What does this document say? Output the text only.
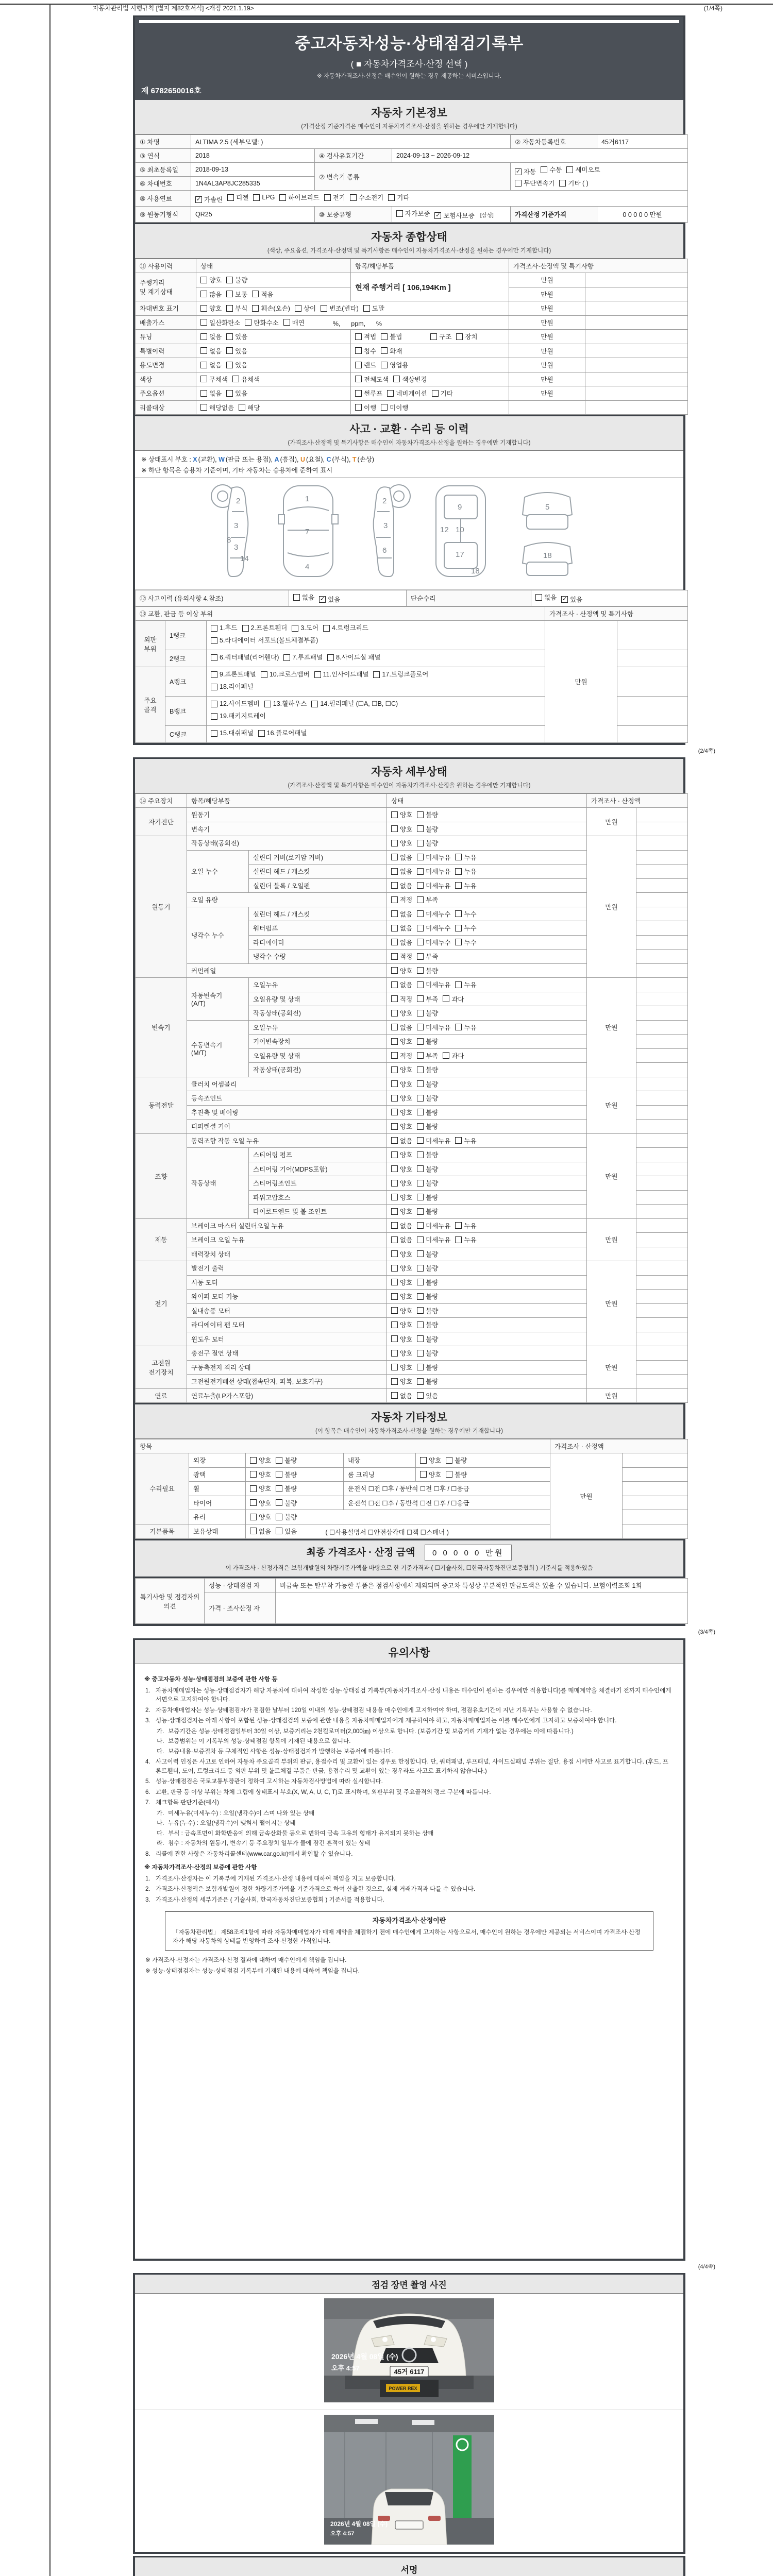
자동차관리법 시행규칙 [별지 제82호서식] <개정 2021.1.19>	(1/4쪽)
중고자동차성능·상태점검기록부
( ■ 자동차가격조사·산정 선택 )
※ 자동차가격조사·산정은 매수인이 원하는 경우 제공하는 서비스입니다.
제 6782650016호
자동차 기본정보
(가격산정 기준가격은 매수인이 자동차가격조사·산정을 원하는 경우에만 기재합니다)
① 차명	ALTIMA 2.5 (세부모델: )			② 자동차등록번호	45거6117
③ 연식	2018	④ 검사유효기간	2024-09-13 ~ 2026-09-12		
⑤ 최초등록일	2018-09-13	⑦ 변속기 종류	
✓ 자동 수동 세미오토
무단변속기 기타 ( )

⑥ 차대번호	1N4AL3AP8JC285335				
⑧ 사용연료	✓ 가솔린 디젤 LPG 하이브리드 전기 수소전기 기타

⑨ 원동기형식	QR25	⑩ 보증유형	자가보증 ✓ 보험사보증 [삼성]	가격산정 기준가격	0 0 0 0 0 만원
자동차 종합상태
(색상, 주요옵션, 가격조사·산정액 및 특기사항은 매수인이 자동차가격조사·산정을 원하는 경우에만 기재합니다)
⑪ 사용이력	상태	항목/해당부품	가격조사·산정액 및 특기사항	
주행거리
및 계기상태	양호 불량	현재 주행거리 [ 106,194Km ]	만원	

	많음 보통 적음		만원	
차대번호 표기	양호 부식 훼손(오손) 상이 변조(변타) 도말	만원	
배출가스	일산화탄소 탄화수소 매연 %,      ppm,      %		만원	
튜닝	없음 있음	적법 불법 구조 장치	만원	
특별이력	없음 있음	침수 화재	만원	
용도변경	없음 있음	렌트 영업용	만원	
색상	무채색 유채색	전체도색 색상변경	만원	
주요옵션	없음 있음	썬루프 네비게이션 기타	만원	
리콜대상	해당없음 해당	이행 미이행		

사고 · 교환 · 수리 등 이력
(가격조사·산정액 및 특기사항은 매수인이 자동차가격조사·산정을 원하는 경우에만 기재합니다)
※ 상태표시 부호 : X (교환), W (판금 또는 용접), A (흠집), U (요철), C (부식), T (손상)
※ 하단 항목은 승용차 기준이며, 기타 자동차는 승용차에 준하여 표시
2
3
3
8
14
1
7
4
2
3
6
9
10
12
17
18
5
18
⑫ 사고이력 (유의사항 4.참조)	없음 ✓ 있음	단순수리	없음 ✓ 있음
⑬ 교환, 판금 등 이상 부위			가격조사 · 산정액 및 특기사항	
외판
부위	1랭크	1.후드 2.프론트휀더 3.도어 4.트렁크리드

5.라디에이터 서포트(볼트체결부품)	만원	
	2랭크	6.쿼터패널(리어휀다) 7.루프패널 8.사이드실 패널		

주요
골격	A랭크	9.프론트패널 10.크로스멤버 11.인사이드패널 17.트렁크플로어

18.리어패널		

	B랭크	12.사이드멤버 13.휠하우스 14.필러패널 (☐A, ☐B, ☐C)

19.패키지트레이		

	C랭크	15.대쉬패널 16.플로어패널		

(2/4쪽)
자동차 세부상태
(가격조사·산정액 및 특기사항은 매수인이 자동차가격조사·산정을 원하는 경우에만 기재합니다)
⑭ 주요장치	항목/해당부품		상태	가격조사 · 산정액	
자기진단	원동기		양호 불량	만원	
	변속기		양호 불량		

원동기	작동상태(공회전)		양호 불량	만원	
	오일 누수	실린더 커버(로커암 커버)	없음 미세누유 누유		

		실린더 헤드 / 개스킷	없음 미세누유 누유		

		실린더 블록 / 오일팬	없음 미세누유 누유		

	오일 유량		적정 부족		

	냉각수 누수	실린더 헤드 / 개스킷	없음 미세누수 누수		

		워터펌프	없음 미세누수 누수		

		라디에이터	없음 미세누수 누수		

		냉각수 수량	적정 부족		

	커먼레일		양호 불량		

변속기	자동변속기
(A/T)	오일누유	없음 미세누유 누유	만원	
		오일유량 및 상태	적정 부족 과다		

		작동상태(공회전)	양호 불량		

	수동변속기
(M/T)	오일누유	없음 미세누유 누유		

		기어변속장치	양호 불량		

		오일유량 및 상태	적정 부족 과다		

		작동상태(공회전)	양호 불량		

동력전달	클러치 어셈블리		양호 불량	만원	
	등속조인트		양호 불량		

	추진축 및 베어링		양호 불량		

	디퍼렌셜 기어		양호 불량		

조향	동력조향 작동 오일 누유		없음 미세누유 누유	만원	
	작동상태	스티어링 펌프	양호 불량		

		스티어링 기어(MDPS포함)	양호 불량		

		스티어링조인트	양호 불량		

		파워고압호스	양호 불량		

		타이로드엔드 및 볼 조인트	양호 불량		

제동	브레이크 마스터 실린더오일 누유		없음 미세누유 누유	만원	
	브레이크 오일 누유		없음 미세누유 누유		

	배력장치 상태		양호 불량		

전기	발전기 출력		양호 불량	만원	
	시동 모터		양호 불량		

	와이퍼 모터 기능		양호 불량		

	실내송풍 모터		양호 불량		

	라디에이터 팬 모터		양호 불량		

	윈도우 모터		양호 불량		

고전원
전기장치	충전구 절연 상태		양호 불량	만원	
	구동축전지 격리 상태		양호 불량		

	고전원전기배선 상태(접속단자, 피복, 보호기구)		양호 불량		

연료	연료누출(LP가스포함)		없음 있음	만원	
자동차 기타정보
(이 항목은 매수인이 자동차가격조사·산정을 원하는 경우에만 기재합니다)
항목					가격조사 · 산정액	
수리필요	외장	양호 불량	내장	양호 불량	만원	
	광택	양호 불량	룸 크리닝	양호 불량		

	휠	양호 불량	운전석 ☐전 ☐후 / 동반석 ☐전 ☐후 / ☐응급			
	타이어	양호 불량	운전석 ☐전 ☐후 / 동반석 ☐전 ☐후 / ☐응급			
	유리	양호 불량				

기본품목	보유상태	없음 있음 ( ☐사용설명서 ☐안전삼각대 ☐잭 ☐스패너 )				
최종 가격조사 · 산정 금액 0 0 0 0 0 만원
이 가격조사 · 산정가격은 보험개발원의 차량기준가액을 바탕으로 한 기준가격과 ( ☐기술사회, ☐한국자동차진단보증협회 ) 기준서를 적용하였음
특기사항 및 점검자의 의견	성능 · 상태점검 자	비금속 또는 탈부착 가능한 부품은 점검사항에서 제외되며 중고차 특성상 부분적인 판금도색은 있을 수 있습니다. 보험이력조회 1회
	가격 · 조사산정 자	
(3/4쪽)
유의사항
※ 중고자동차 성능·상태점검의 보증에 관한 사항 등
1. 자동차매매업자는 성능·상태점검자가 해당 자동차에 대하여 작성한 성능·상태점검 기록부(자동차가격조사·산정 내용은 매수인이 원하는 경우에만 적용합니다)를 매매계약을 체결하기 전까지 매수인에게 서면으로 고지하여야 합니다.
2. 자동차매매업자는 성능·상태점검자가 점검한 날부터 120일 이내의 성능·상태점검 내용을 매수인에게 고지하여야 하며, 점검유효기간이 지난 기록부는 사용할 수 없습니다.
3. 성능·상태점검자는 아래 사항이 포함된 성능·상태점검의 보증에 관한 내용을 자동차매매업자에게 제공하여야 하고, 자동차매매업자는 이를 매수인에게 고지하고 보증하여야 합니다.
가. 보증기간은 성능·상태점검일부터 30일 이상, 보증거리는 2천킬로미터(2,000㎞) 이상으로 합니다. (보증기간 및 보증거리 기재가 없는 경우에는 이에 따릅니다.)
나. 보증범위는 이 기록부의 성능·상태점검 항목에 기재된 내용으로 합니다.
다. 보증내용·보증절차 등 구체적인 사항은 성능·상태점검자가 발행하는 보증서에 따릅니다.
4. 사고이력 인정은 사고로 인하여 자동차 주요골격 부위의 판금, 용접수리 및 교환이 있는 경우로 한정합니다. 단, 쿼터패널, 루프패널, 사이드실패널 부위는 절단, 용접 시에만 사고로 표기합니다. (후드, 프론트휀더, 도어, 트렁크리드 등 외판 부위 및 볼트체결 부품은 판금, 용접수리 및 교환이 있는 경우라도 사고로 표기하지 않습니다.)
5. 성능·상태점검은 국토교통부장관이 정하여 고시하는 자동차검사방법에 따라 실시합니다.
6. 교환, 판금 등 이상 부위는 차체 그림에 상태표시 부호(X, W, A, U, C, T)로 표시하며, 외판부위 및 주요골격의 랭크 구분에 따릅니다.
7. 체크항목 판단기준(예시)
가. 미세누유(미세누수) : 오일(냉각수)이 스며 나와 있는 상태
나. 누유(누수) : 오일(냉각수)이 맺혀서 떨어지는 상태
다. 부식 : 금속표면이 화학반응에 의해 금속산화물 등으로 변하여 금속 고유의 형태가 유지되지 못하는 상태
라. 침수 : 자동차의 원동기, 변속기 등 주요장치 일부가 물에 잠긴 흔적이 있는 상태
8. 리콜에 관한 사항은 자동차리콜센터(www.car.go.kr)에서 확인할 수 있습니다.
※ 자동차가격조사·산정의 보증에 관한 사항
1. 가격조사·산정자는 이 기록부에 기재된 가격조사·산정 내용에 대하여 책임을 지고 보증합니다.
2. 가격조사·산정액은 보험개발원이 정한 차량기준가액을 기준가격으로 하여 산출한 것으로, 실제 거래가격과 다를 수 있습니다.
3. 가격조사·산정의 세부기준은 ( 기술사회, 한국자동차진단보증협회 ) 기준서를 적용합니다.
자동차가격조사·산정이란
「자동차관리법」 제58조제1항에 따라 자동차매매업자가 매매 계약을 체결하기 전에 매수인에게 고지하는 사항으로서, 매수인이 원하는 경우에만 제공되는 서비스이며 가격조사·산정자가 해당 자동차의 상태를 반영하여 조사·산정한 가격입니다.
※ 가격조사·산정자는 가격조사·산정 결과에 대하여 매수인에게 책임을 집니다.
※ 성능·상태점검자는 성능·상태점검 기록부에 기재된 내용에 대하여 책임을 집니다.
(4/4쪽)
점검 장면 촬영 사진
45거 6117
POWER REX
2026년 4월 08일 (수)
오후 4:57
2026년 4월 08일 (수)
오후 4:57
서명
